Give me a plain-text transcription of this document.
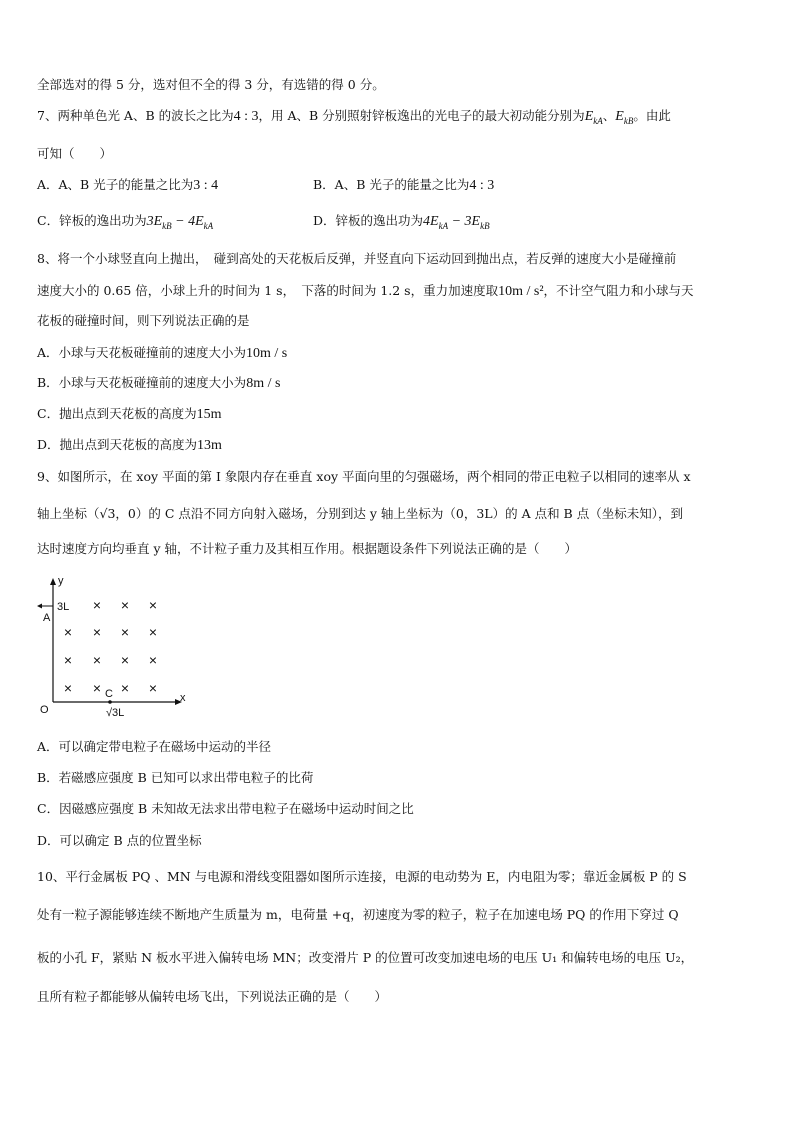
全部选对的得 5 分，选对但不全的得 3 分，有选错的得 0 分。
7、两种单色光 A、B 的波长之比为4 : 3，用 A、B 分别照射锌板逸出的光电子的最大初动能分别为$E_{kA}$、$E_{kB}$。由此
可知（　　）
A．A、B 光子的能量之比为3 : 4	B．A、B 光子的能量之比为4 : 3
C．锌板的逸出功为$3E_{kB} - 4E_{kA}$	D．锌板的逸出功为$4E_{kA} - 3E_{kB}$
8、将一个小球竖直向上抛出，　碰到高处的天花板后反弹，并竖直向下运动回到抛出点，若反弹的速度大小是碰撞前
速度大小的 0.65 倍，小球上升的时间为 1 s，　下落的时间为 1.2 s，重力加速度取10m / s²，不计空气阻力和小球与天
花板的碰撞时间，则下列说法正确的是
A．小球与天花板碰撞前的速度大小为10m / s
B．小球与天花板碰撞前的速度大小为8m / s
C．抛出点到天花板的高度为15m
D．抛出点到天花板的高度为13m
9、如图所示，在 xoy 平面的第 I 象限内存在垂直 xoy 平面向里的匀强磁场，两个相同的带正电粒子以相同的速率从 x
轴上坐标（√3，0）的 C 点沿不同方向射入磁场，分别到达 y 轴上坐标为（0，3L）的 A 点和 B 点（坐标未知），到
达时速度方向均垂直 y 轴，不计粒子重力及其相互作用。根据题设条件下列说法正确的是（　　）
y
x
O
A
3L
C
√3L
× × ×
× × × ×
× × × ×
× × × ×
A．可以确定带电粒子在磁场中运动的半径
B．若磁感应强度 B 已知可以求出带电粒子的比荷
C．因磁感应强度 B 未知故无法求出带电粒子在磁场中运动时间之比
D．可以确定 B 点的位置坐标
10、平行金属板 PQ 、MN 与电源和滑线变阻器如图所示连接，电源的电动势为 E，内电阻为零；靠近金属板 P 的 S
处有一粒子源能够连续不断地产生质量为 m，电荷量 +q，初速度为零的粒子，粒子在加速电场 PQ 的作用下穿过 Q
板的小孔 F，紧贴 N 板水平进入偏转电场 MN；改变滑片 P 的位置可改变加速电场的电压 U₁ 和偏转电场的电压 U₂，
且所有粒子都能够从偏转电场飞出，下列说法正确的是（　　）
